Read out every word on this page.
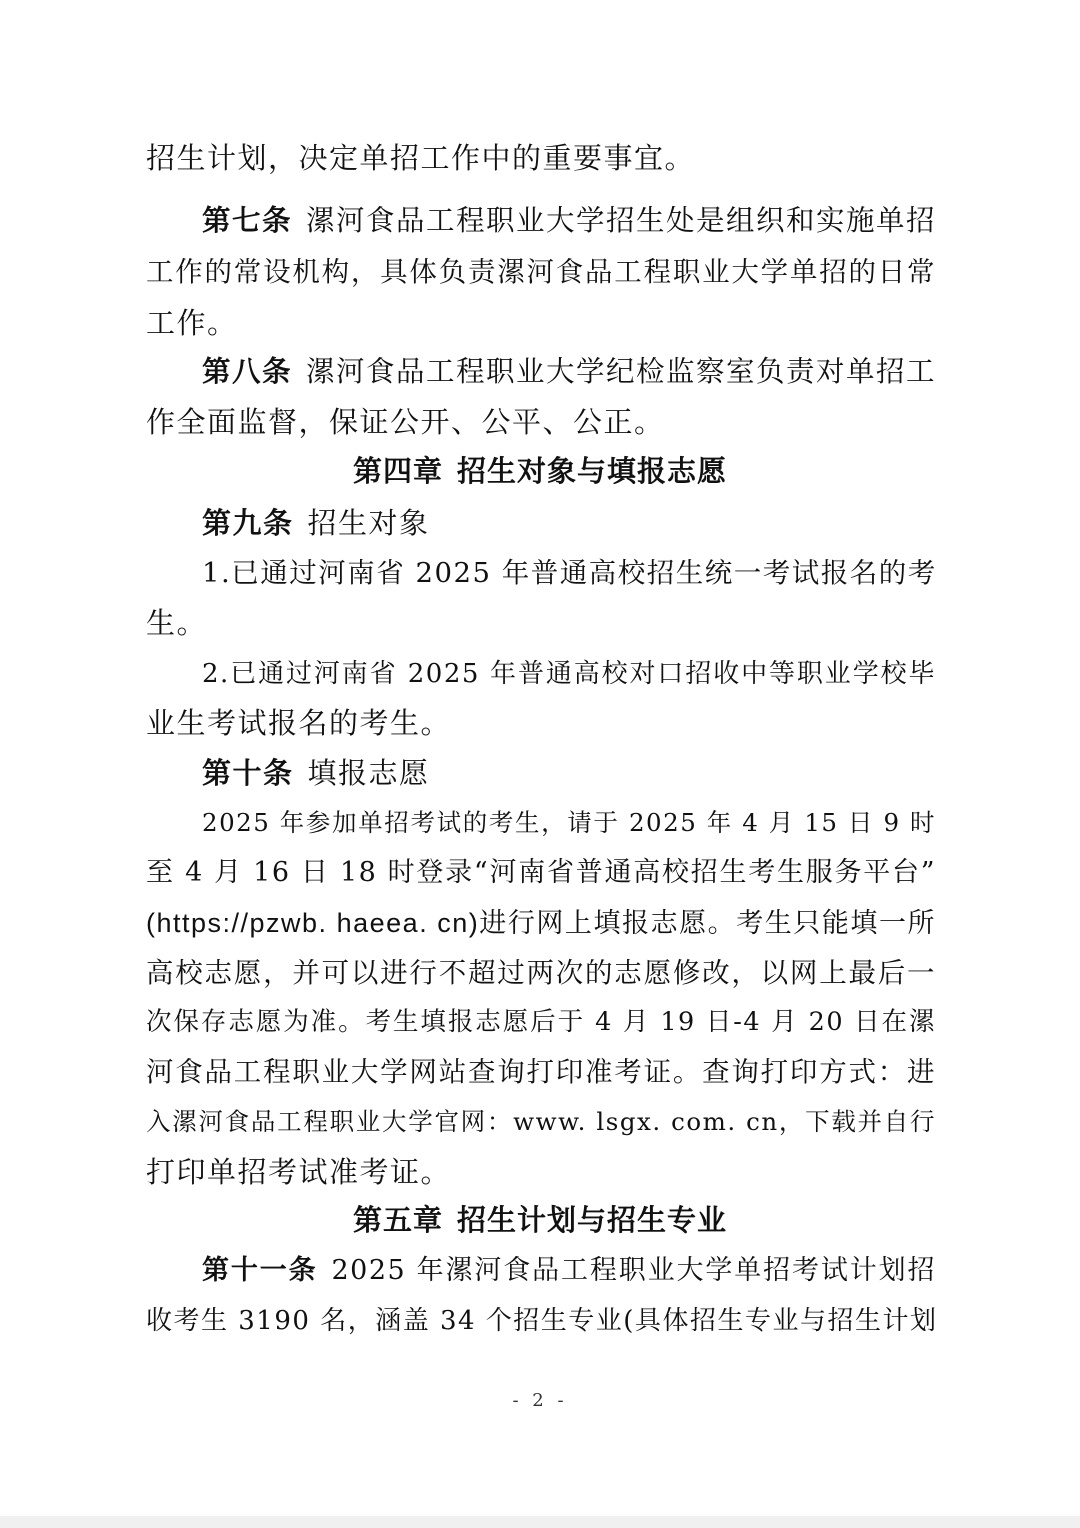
招生计划，决定单招工作中的重要事宜。
第七条 漯河食品工程职业大学招生处是组织和实施单招
工作的常设机构，具体负责漯河食品工程职业大学单招的日常
工作。
第八条 漯河食品工程职业大学纪检监察室负责对单招工
作全面监督，保证公开、公平、公正。
第四章 招生对象与填报志愿
第九条 招生对象
1.已通过河南省 2025 年普通高校招生统一考试报名的考
生。
2.已通过河南省 2025 年普通高校对口招收中等职业学校毕
业生考试报名的考生。
第十条 填报志愿
2025 年参加单招考试的考生，请于 2025 年 4 月 15 日 9 时
至 4 月 16 日 18 时登录“河南省普通高校招生考生服务平台”
(https://pzwb. haeea. cn)进行网上填报志愿。考生只能填一所
高校志愿，并可以进行不超过两次的志愿修改，以网上最后一
次保存志愿为准。考生填报志愿后于 4 月 19 日-4 月 20 日在漯
河食品工程职业大学网站查询打印准考证。查询打印方式：进
入漯河食品工程职业大学官网：www. lsgx. com. cn，下载并自行
打印单招考试准考证。
第五章 招生计划与招生专业
第十一条 2025 年漯河食品工程职业大学单招考试计划招
收考生 3190 名，涵盖 34 个招生专业(具体招生专业与招生计划
- 2 -
